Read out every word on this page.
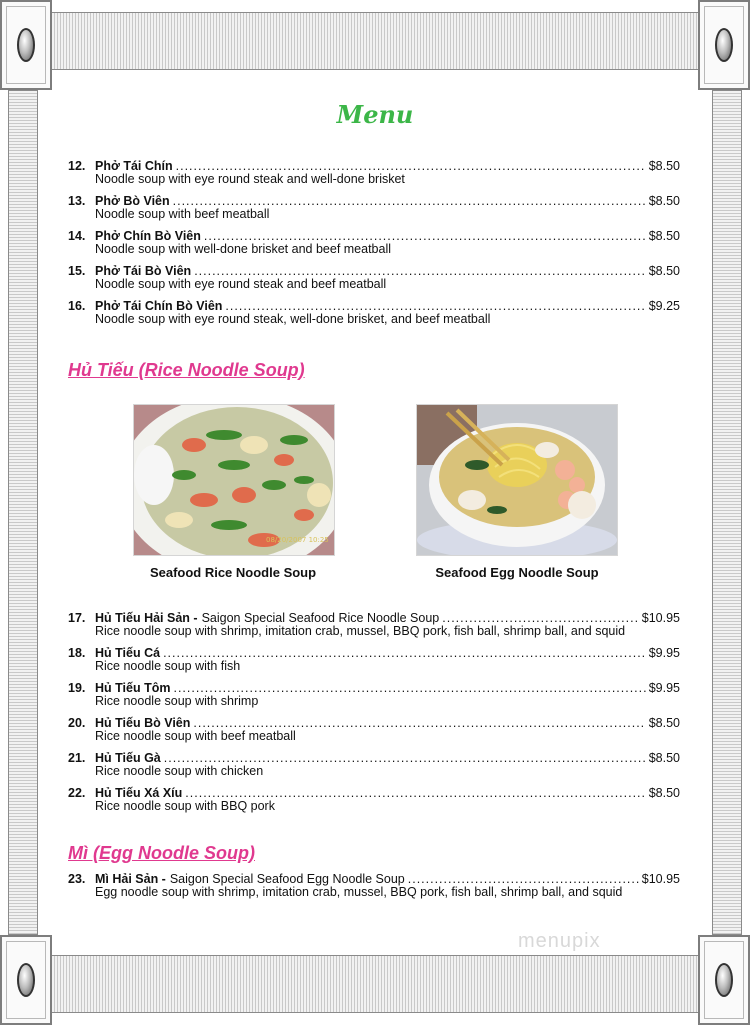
Menu
12. Phở Tái Chín .....	$8.50
Noodle soup with eye round steak and well-done brisket
13. Phở Bò Viên .....	$8.50
Noodle soup with beef meatball
14. Phở Chín Bò Viên .....	$8.50
Noodle soup with well-done brisket and beef meatball
15. Phở Tái Bò Viên .....	$8.50
Noodle soup with eye round steak and beef meatball
16. Phở Tái Chín Bò Viên .....	$9.25
Noodle soup with eye round steak, well-done brisket, and beef meatball
Hủ Tiếu (Rice Noodle Soup)
08/20/2007 10:25
Seafood Rice Noodle Soup	Seafood Egg Noodle Soup
17. Hủ Tiếu Hải Sản - Saigon Special Seafood Rice Noodle Soup .....	$10.95
Rice noodle soup with shrimp, imitation crab, mussel, BBQ pork, fish ball, shrimp ball, and squid
18. Hủ Tiếu Cá .....	$9.95
Rice noodle soup with fish
19. Hủ Tiếu Tôm .....	$9.95
Rice noodle soup with shrimp
20. Hủ Tiếu Bò Viên .....	$8.50
Rice noodle soup with beef meatball
21. Hủ Tiếu Gà .....	$8.50
Rice noodle soup with chicken
22. Hủ Tiếu Xá Xíu .....	$8.50
Rice noodle soup with BBQ pork
Mì (Egg Noodle Soup)
23. Mì Hải Sản - Saigon Special Seafood Egg Noodle Soup .....	$10.95
Egg noodle soup with shrimp, imitation crab, mussel, BBQ pork, fish ball, shrimp ball, and squid
menupix
